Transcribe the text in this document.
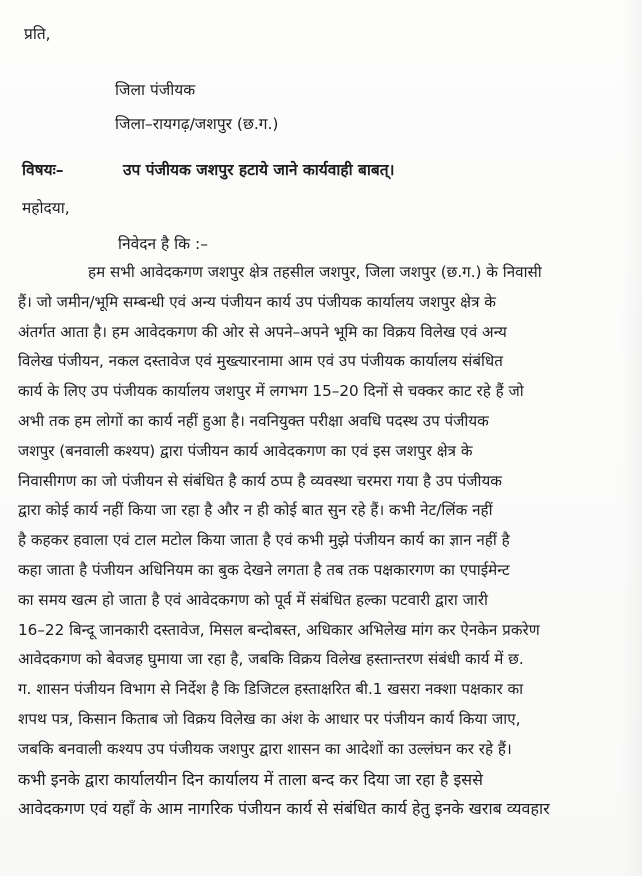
प्रति,
जिला पंजीयक
जिला–रायगढ़/जशपुर (छ.ग.)
विषयः–	उप पंजीयक जशपुर हटाये जाने कार्यवाही बाबत्।
महोदया,
निवेदन है कि :–
हम सभी आवेदकगण जशपुर क्षेत्र तहसील जशपुर, जिला जशपुर (छ.ग.) के निवासी
हैं। जो जमीन/भूमि सम्बन्धी एवं अन्य पंजीयन कार्य उप पंजीयक कार्यालय जशपुर क्षेत्र के
अंतर्गत आता है। हम आवेदकगण की ओर से अपने–अपने भूमि का विक्रय विलेख एवं अन्य
विलेख पंजीयन, नकल दस्तावेज एवं मुख्त्यारनामा आम एवं उप पंजीयक कार्यालय संबंधित
कार्य के लिए उप पंजीयक कार्यालय जशपुर में लगभग 15–20 दिनों से चक्कर काट रहे हैं जो
अभी तक हम लोगों का कार्य नहीं हुआ है। नवनियुक्त परीक्षा अवधि पदस्थ उप पंजीयक
जशपुर (बनवाली कश्यप) द्वारा पंजीयन कार्य आवेदकगण का एवं इस जशपुर क्षेत्र के
निवासीगण का जो पंजीयन से संबंधित है कार्य ठप्प है व्यवस्था चरमरा गया है उप पंजीयक
द्वारा कोई कार्य नहीं किया जा रहा है और न ही कोई बात सुन रहे हैं। कभी नेट/लिंक नहीं
है कहकर हवाला एवं टाल मटोल किया जाता है एवं कभी मुझे पंजीयन कार्य का ज्ञान नहीं है
कहा जाता है पंजीयन अधिनियम का बुक देखने लगता है तब तक पक्षकारगण का एपाईमेन्ट
का समय खत्म हो जाता है एवं आवेदकगण को पूर्व में संबंधित हल्का पटवारी द्वारा जारी
16–22 बिन्दू जानकारी दस्तावेज, मिसल बन्दोबस्त, अधिकार अभिलेख मांग कर ऐनकेन प्रकरेण
आवेदकगण को बेवजह घुमाया जा रहा है, जबकि विक्रय विलेख हस्तान्तरण संबंधी कार्य में छ.
ग. शासन पंजीयन विभाग से निर्देश है कि डिजिटल हस्ताक्षरित बी.1 खसरा नक्शा पक्षकार का
शपथ पत्र, किसान किताब जो विक्रय विलेख का अंश के आधार पर पंजीयन कार्य किया जाए,
जबकि बनवाली कश्यप उप पंजीयक जशपुर द्वारा शासन का आदेशों का उल्लंघन कर रहे हैं।
कभी इनके द्वारा कार्यालयीन दिन कार्यालय में ताला बन्द कर दिया जा रहा है इससे
आवेदकगण एवं यहाँ के आम नागरिक पंजीयन कार्य से संबंधित कार्य हेतु इनके खराब व्यवहार
